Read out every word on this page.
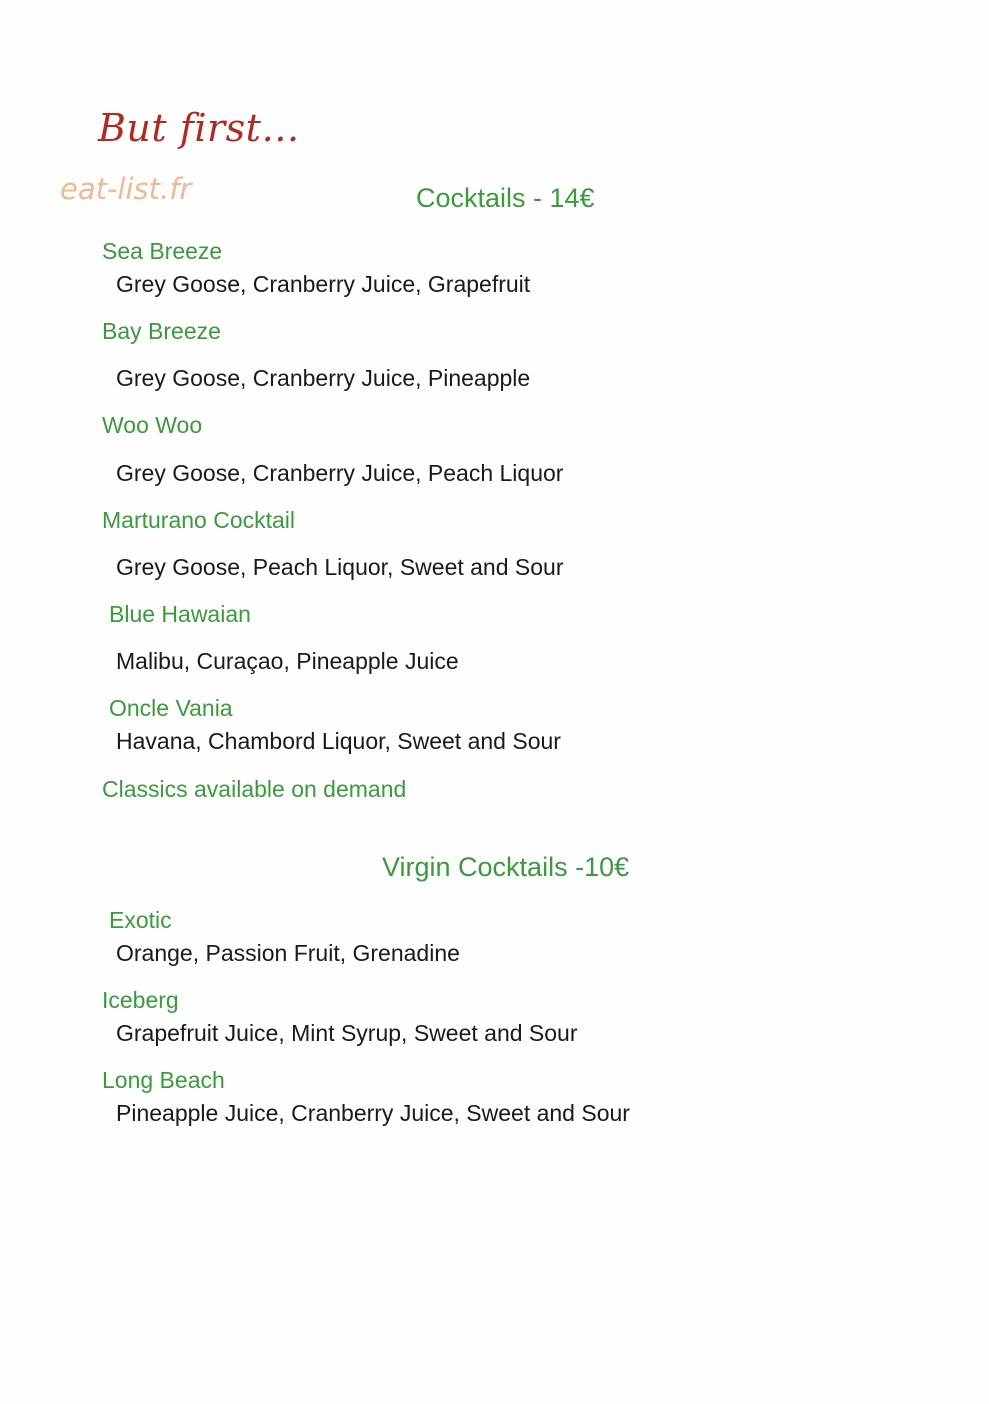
But first…
eat-list.fr	Cocktails - 14€
Sea Breeze
Grey Goose, Cranberry Juice, Grapefruit
Bay Breeze
Grey Goose, Cranberry Juice, Pineapple
Woo Woo
Grey Goose, Cranberry Juice, Peach Liquor
Marturano Cocktail
Grey Goose, Peach Liquor, Sweet and Sour
Blue Hawaian
Malibu, Curaçao, Pineapple Juice
Oncle Vania
Havana, Chambord Liquor, Sweet and Sour
Classics available on demand
Virgin Cocktails -10€
Exotic
Orange, Passion Fruit, Grenadine
Iceberg
Grapefruit Juice, Mint Syrup, Sweet and Sour
Long Beach
Pineapple Juice, Cranberry Juice, Sweet and Sour
